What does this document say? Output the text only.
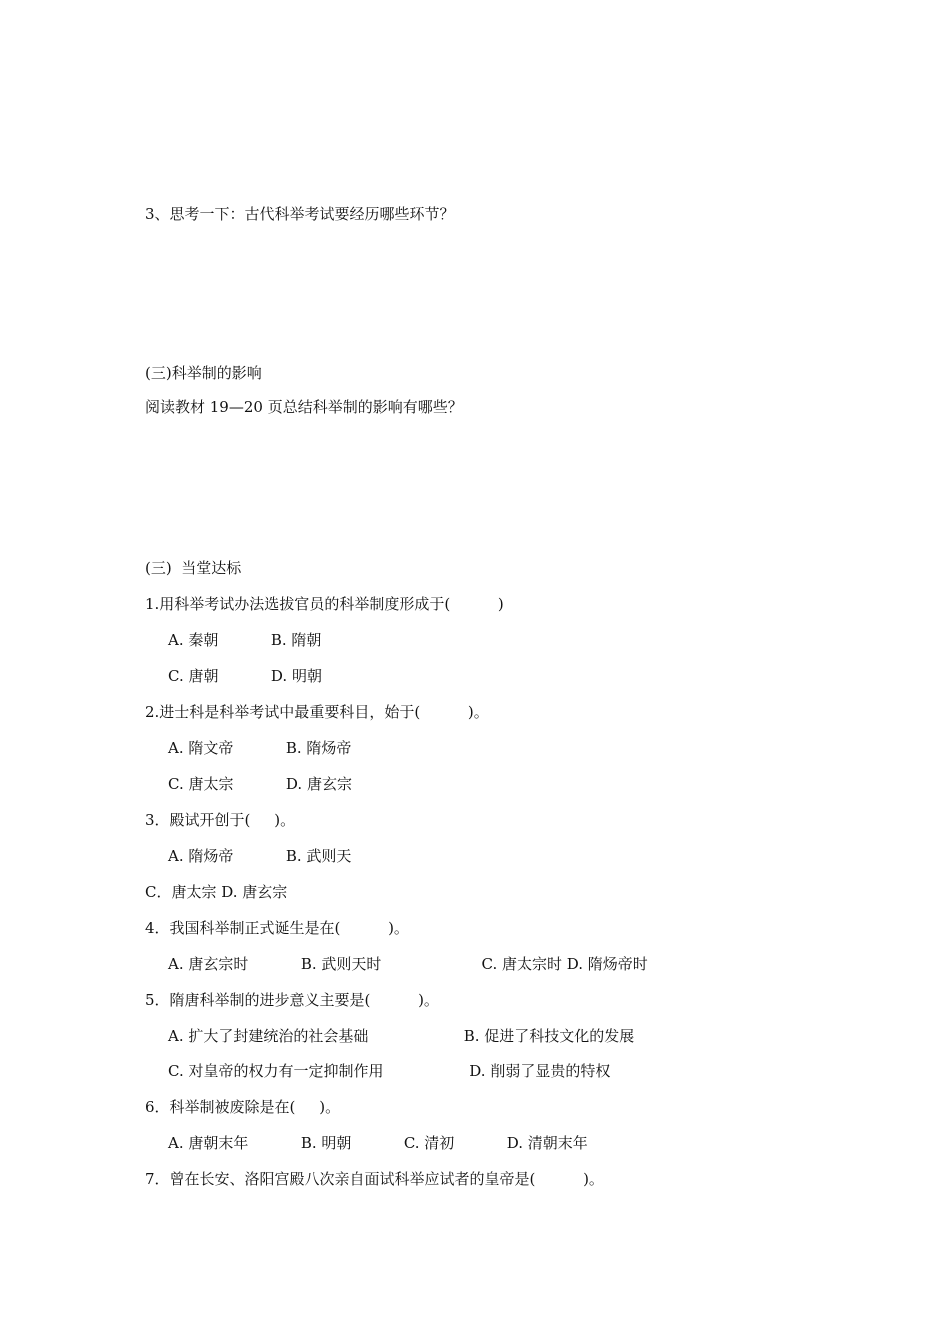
3、思考一下：古代科举考试要经历哪些环节？

(三)科举制的影响

阅读教材 19—20 页总结科举制的影响有哪些？

(三)  当堂达标

1.用科举考试办法选拔官员的科举制度形成于(          )

A. 秦朝           B. 隋朝

C. 唐朝           D. 明朝

2.进士科是科举考试中最重要科目，始于(          )。

A. 隋文帝           B. 隋炀帝

C. 唐太宗           D. 唐玄宗

3．殿试开创于(     )。

A. 隋炀帝           B. 武则天

C．唐太宗 D. 唐玄宗

4．我国科举制正式诞生是在(          )。

A. 唐玄宗时           B. 武则天时                     C. 唐太宗时 D. 隋炀帝时

5．隋唐科举制的进步意义主要是(          )。

A. 扩大了封建统治的社会基础                    B. 促进了科技文化的发展

C. 对皇帝的权力有一定抑制作用                  D. 削弱了显贵的特权

6．科举制被废除是在(     )。

A. 唐朝末年           B. 明朝           C. 清初           D. 清朝末年

7．曾在长安、洛阳宫殿八次亲自面试科举应试者的皇帝是(          )。
